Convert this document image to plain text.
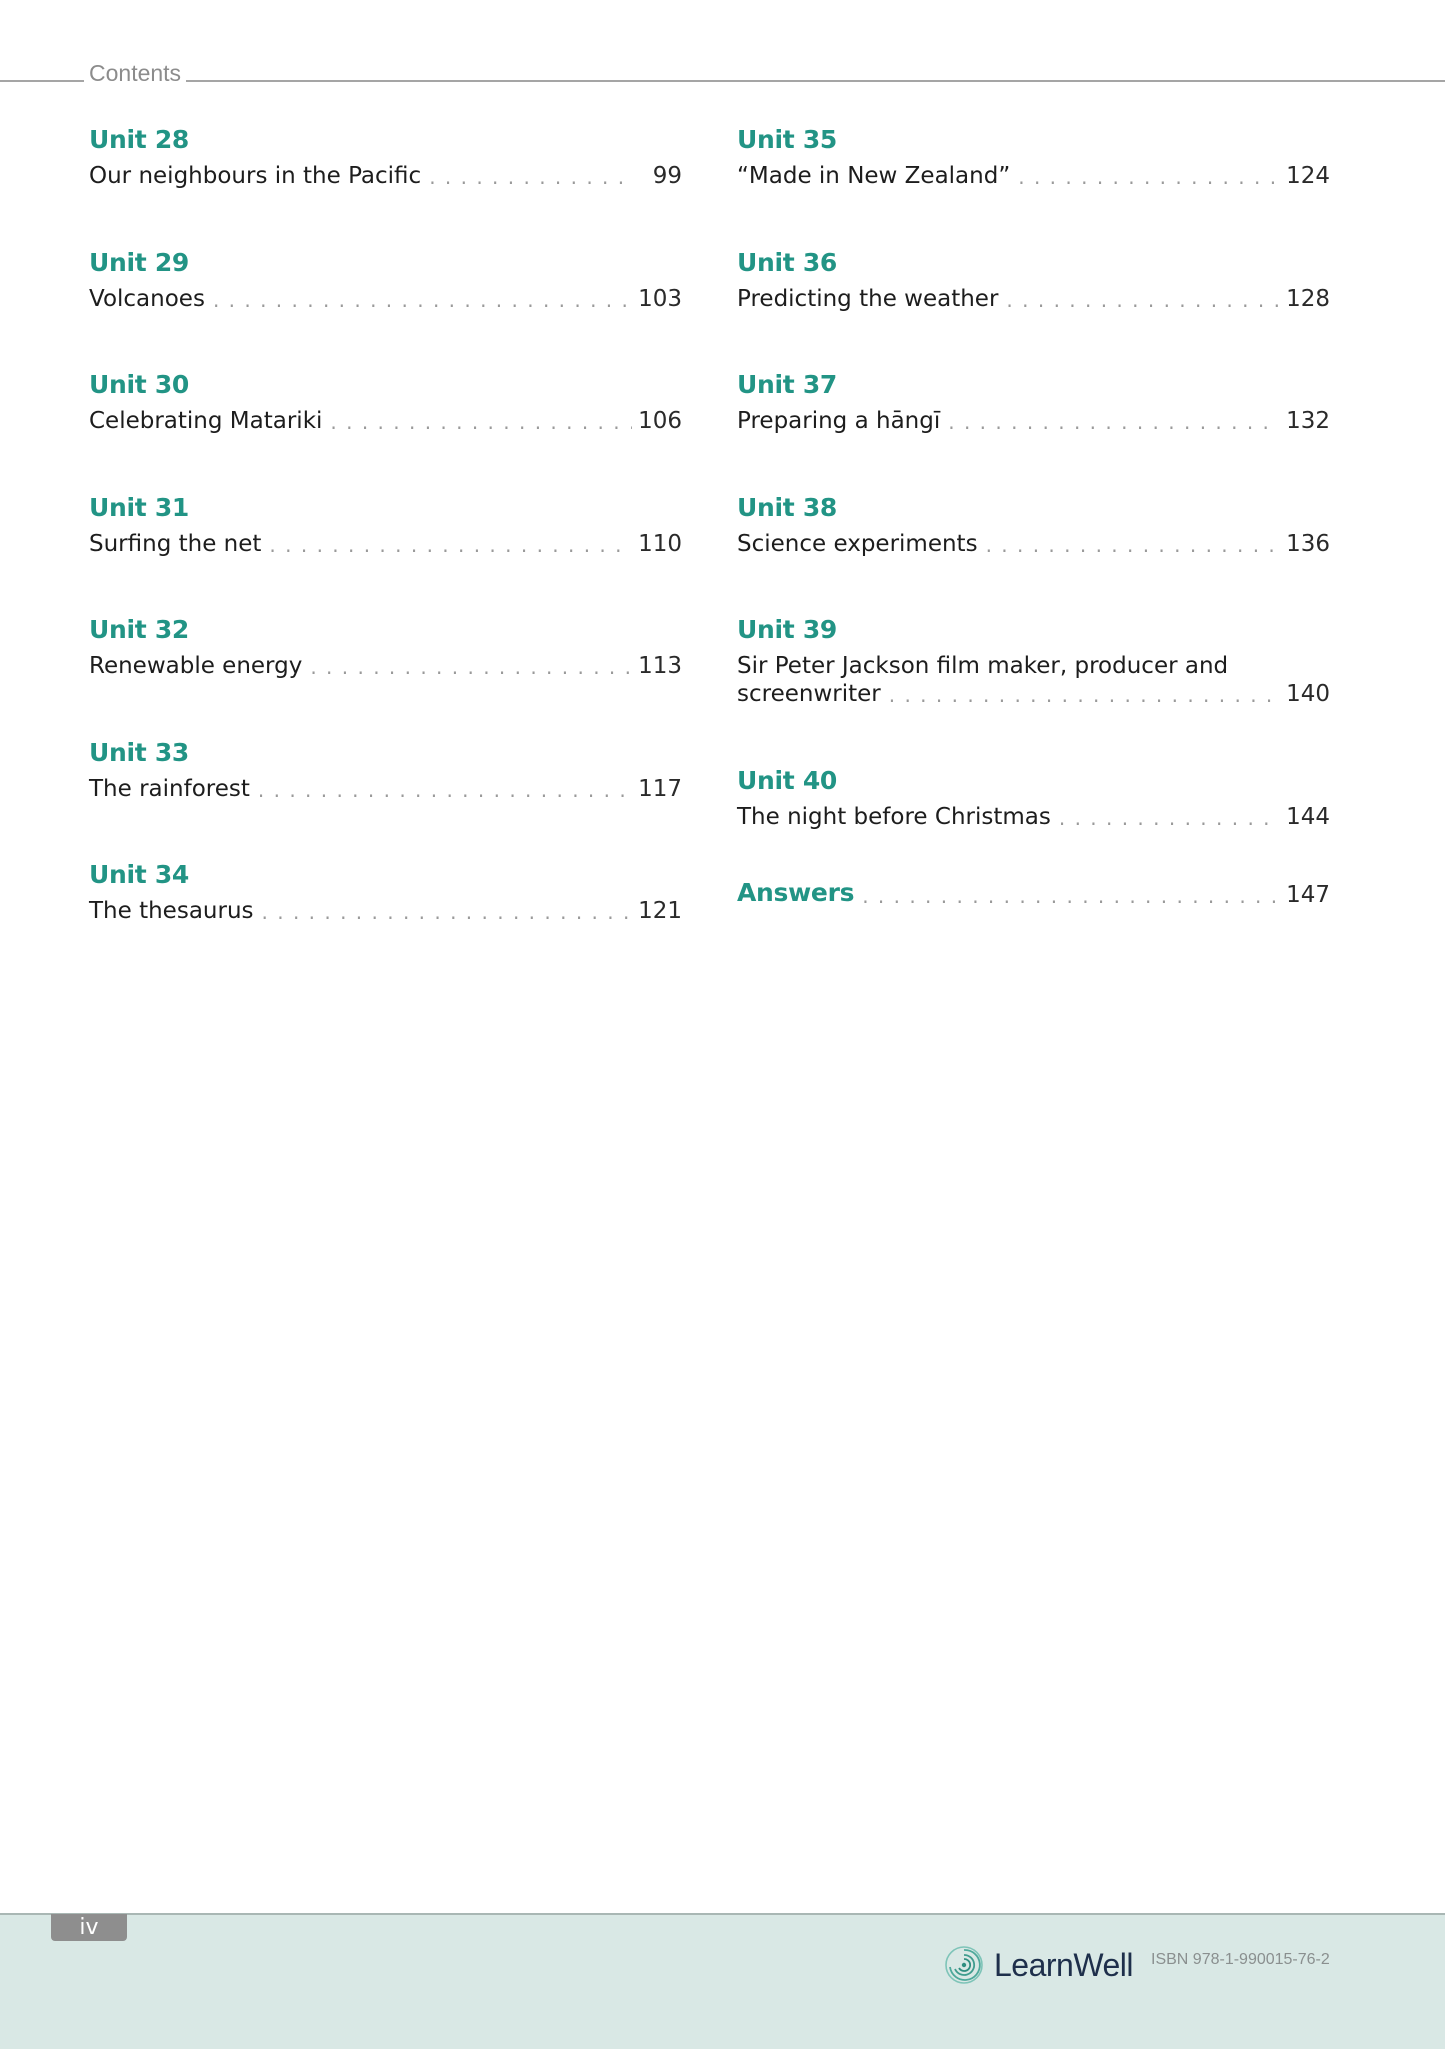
Contents
Unit 28
Our neighbours in the Pacific . . .	99
Unit 29
Volcanoes . . .	103
Unit 30
Celebrating Matariki . . .	106
Unit 31
Surfing the net . . .	110
Unit 32
Renewable energy . . .	113
Unit 33
The rainforest . . .	117
Unit 34
The thesaurus . . .	121
Unit 35
“Made in New Zealand” . . .	124
Unit 36
Predicting the weather . . .	128
Unit 37
Preparing a hāngī . . .	132
Unit 38
Science experiments . . .	136
Unit 39
Sir Peter Jackson film maker, producer and
screenwriter . . .	140
Unit 40
The night before Christmas . . .	144
Answers . . .	147
iv
LearnWell ISBN 978-1-990015-76-2
